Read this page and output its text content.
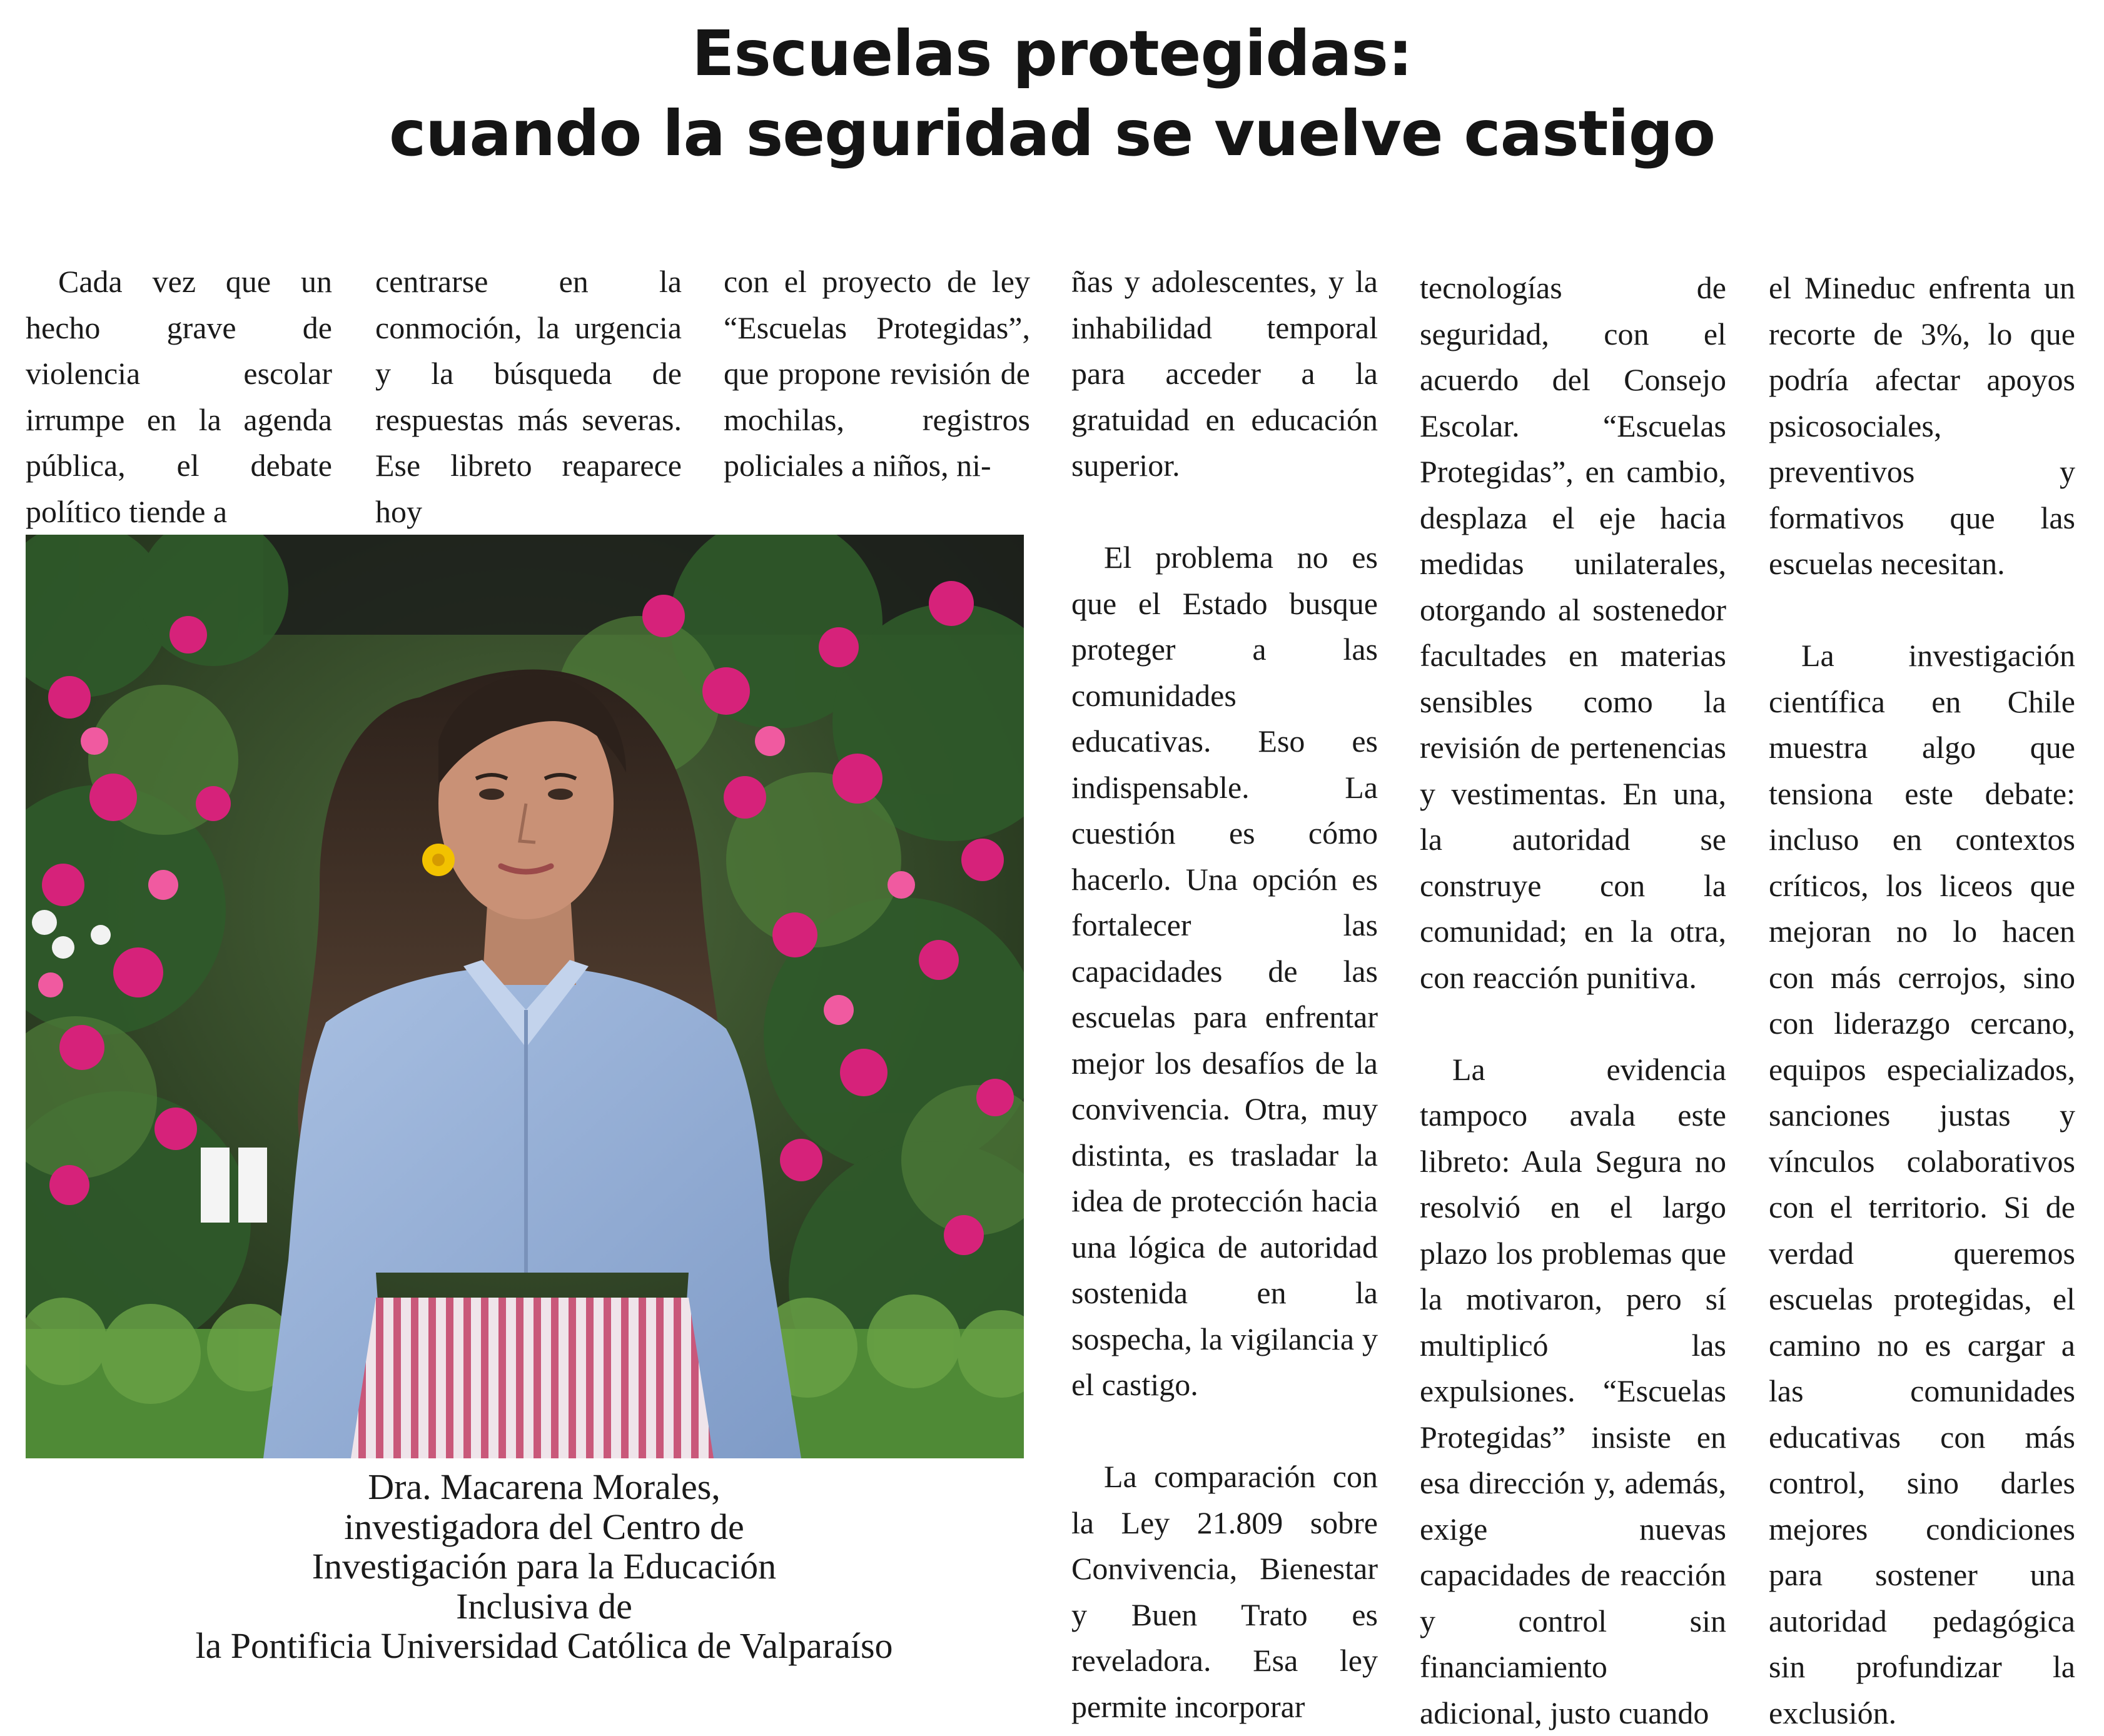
Escuelas protegidas:
cuando la seguridad se vuelve castigo

Cada vez que un hecho grave de violencia escolar irrumpe en la agenda pública, el debate político tiende a

centrarse en la conmoción, la urgencia y la búsqueda de respuestas más severas. Ese libreto reaparece hoy

con el proyecto de ley “Escuelas Protegidas”, que propone revisión de mochilas, registros policiales a niños, ni-

ñas y adolescentes, y la inhabilidad temporal para acceder a la gratuidad en educación superior.

El problema no es que el Estado busque proteger a las comunidades educativas. Eso es indispensable. La cuestión es cómo hacerlo. Una opción es fortalecer las capacidades de las escuelas para enfrentar mejor los desafíos de la convivencia. Otra, muy distinta, es trasladar la idea de protección hacia una lógica de autoridad sostenida en la sospecha, la vigilancia y el castigo.

La comparación con la Ley 21.809 sobre Convivencia, Bienestar y Buen Trato es reveladora. Esa ley permite incorporar

tecnologías de seguridad, con el acuerdo del Consejo Escolar. “Escuelas Protegidas”, en cambio, desplaza el eje hacia medidas unilaterales, otorgando al sostenedor facultades en materias sensibles como la revisión de pertenencias y vestimentas. En una, la autoridad se construye con la comunidad; en la otra, con reacción punitiva.

La evidencia tampoco avala este libreto: Aula Segura no resolvió en el largo plazo los problemas que la motivaron, pero sí multiplicó las expulsiones. “Escuelas Protegidas” insiste en esa dirección y, además, exige nuevas capacidades de reacción y control sin financiamiento adicional, justo cuando

el Mineduc enfrenta un recorte de 3%, lo que podría afectar apoyos psicosociales, preventivos y formativos que las escuelas necesitan.

La investigación científica en Chile muestra algo que tensiona este debate: incluso en contextos críticos, los liceos que mejoran no lo hacen con más cerrojos, sino con liderazgo cercano, equipos especializados, sanciones justas y vínculos colaborativos con el territorio. Si de verdad queremos escuelas protegidas, el camino no es cargar a las comunidades educativas con más control, sino darles mejores condiciones para sostener una autoridad pedagógica sin profundizar la exclusión.

Dra. Macarena Morales,
investigadora del Centro de
Investigación para la Educación
Inclusiva de
la Pontificia Universidad Católica de Valparaíso
